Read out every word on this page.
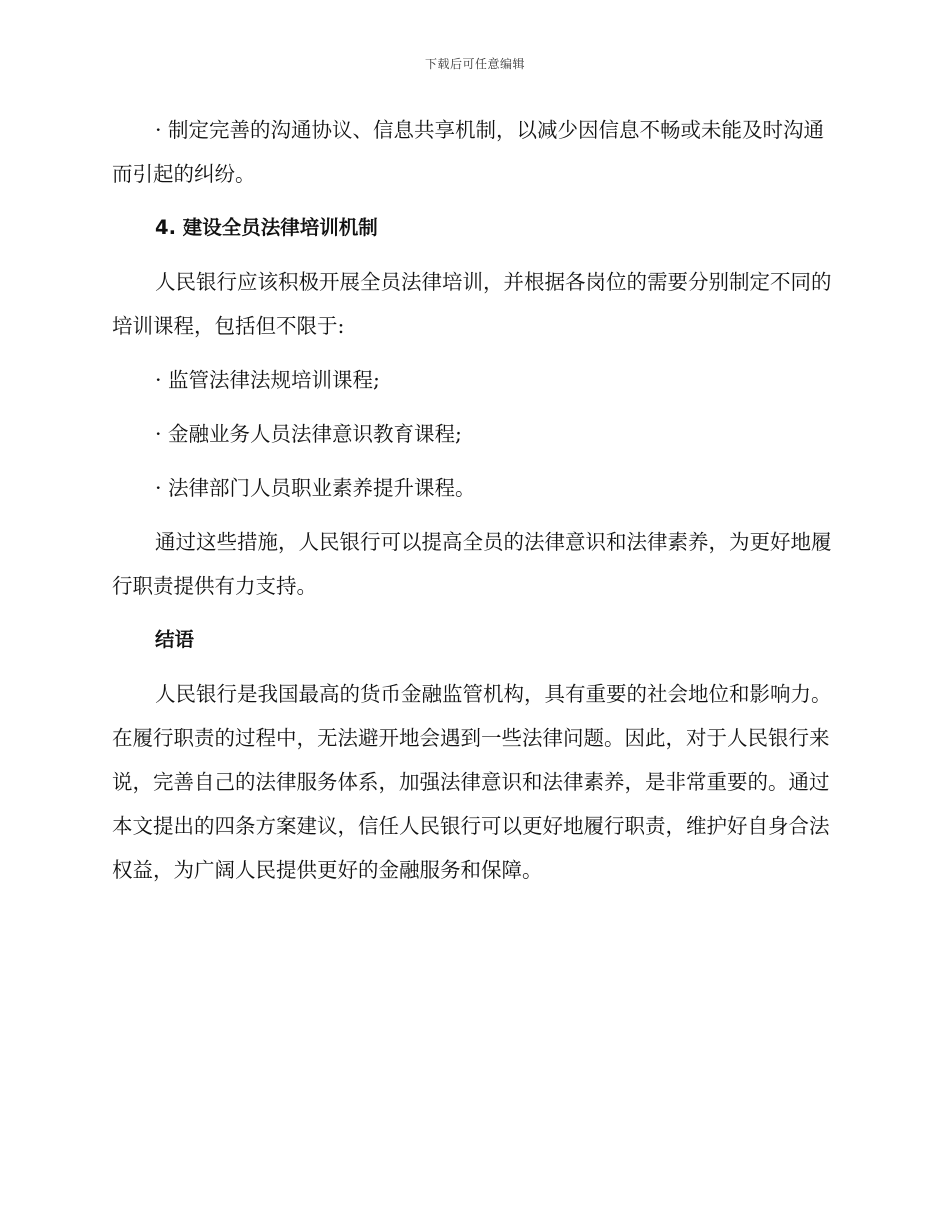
下载后可任意编辑

· 制定完善的沟通协议、信息共享机制，以减少因信息不畅或未能及时沟通而引起的纠纷。

4. 建设全员法律培训机制

人民银行应该积极开展全员法律培训，并根据各岗位的需要分别制定不同的培训课程，包括但不限于:

· 监管法律法规培训课程;

· 金融业务人员法律意识教育课程;

· 法律部门人员职业素养提升课程。

通过这些措施，人民银行可以提高全员的法律意识和法律素养，为更好地履行职责提供有力支持。

结语

人民银行是我国最高的货币金融监管机构，具有重要的社会地位和影响力。在履行职责的过程中，无法避开地会遇到一些法律问题。因此，对于人民银行来说，完善自己的法律服务体系，加强法律意识和法律素养，是非常重要的。通过本文提出的四条方案建议，信任人民银行可以更好地履行职责，维护好自身合法权益，为广阔人民提供更好的金融服务和保障。
